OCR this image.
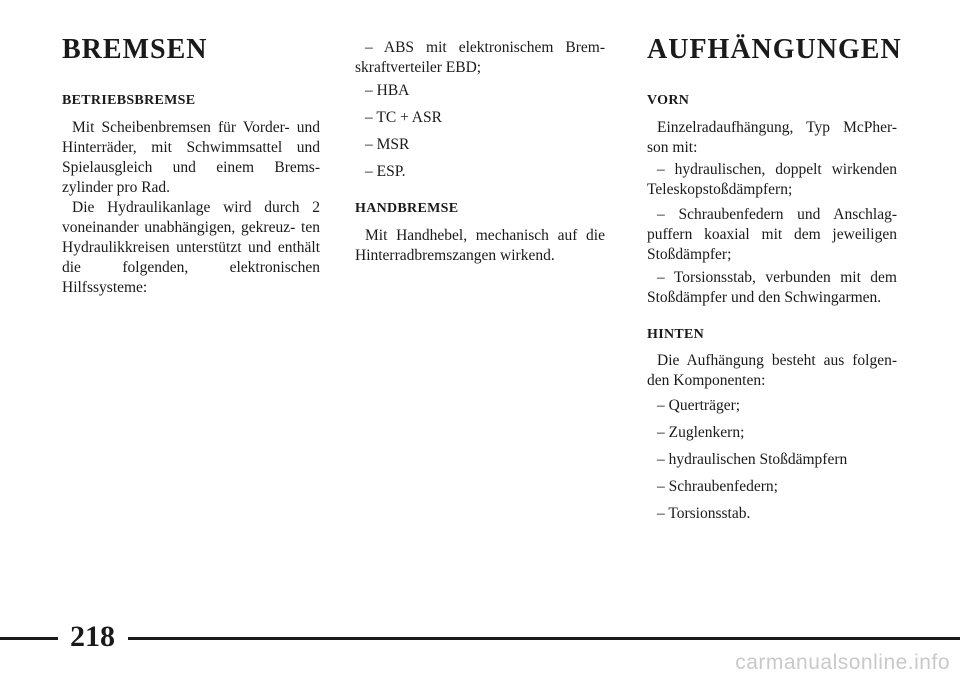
BREMSEN
BETRIEBSBREMSE

Mit Scheibenbremsen für Vorder- und Hinterräder, mit Schwimmsattel und Spielausgleich und einem Brems- zylinder pro Rad.

Die Hydraulikanlage wird durch 2 voneinander unabhängigen, gekreuz- ten Hydraulikkreisen unterstützt und enthält die folgenden, elektronischen Hilfssysteme:

– ABS mit elektronischem Brem- skraftverteiler EBD;

– HBA

– TC + ASR

– MSR

– ESP.

HANDBREMSE

Mit Handhebel, mechanisch auf die Hinterradbremszangen wirkend.

AUFHÄNGUNGEN
VORN

Einzelradaufhängung, Typ McPher- son mit:

– hydraulischen, doppelt wirkenden Teleskopstoßdämpfern;

– Schraubenfedern und Anschlag- puffern koaxial mit dem jeweiligen Stoßdämpfer;

– Torsionsstab, verbunden mit dem Stoßdämpfer und den Schwingarmen.

HINTEN

Die Aufhängung besteht aus folgen- den Komponenten:

– Querträger;

– Zuglenkern;

– hydraulischen Stoßdämpfern

– Schraubenfedern;

– Torsionsstab.

218
carmanualsonline.info
